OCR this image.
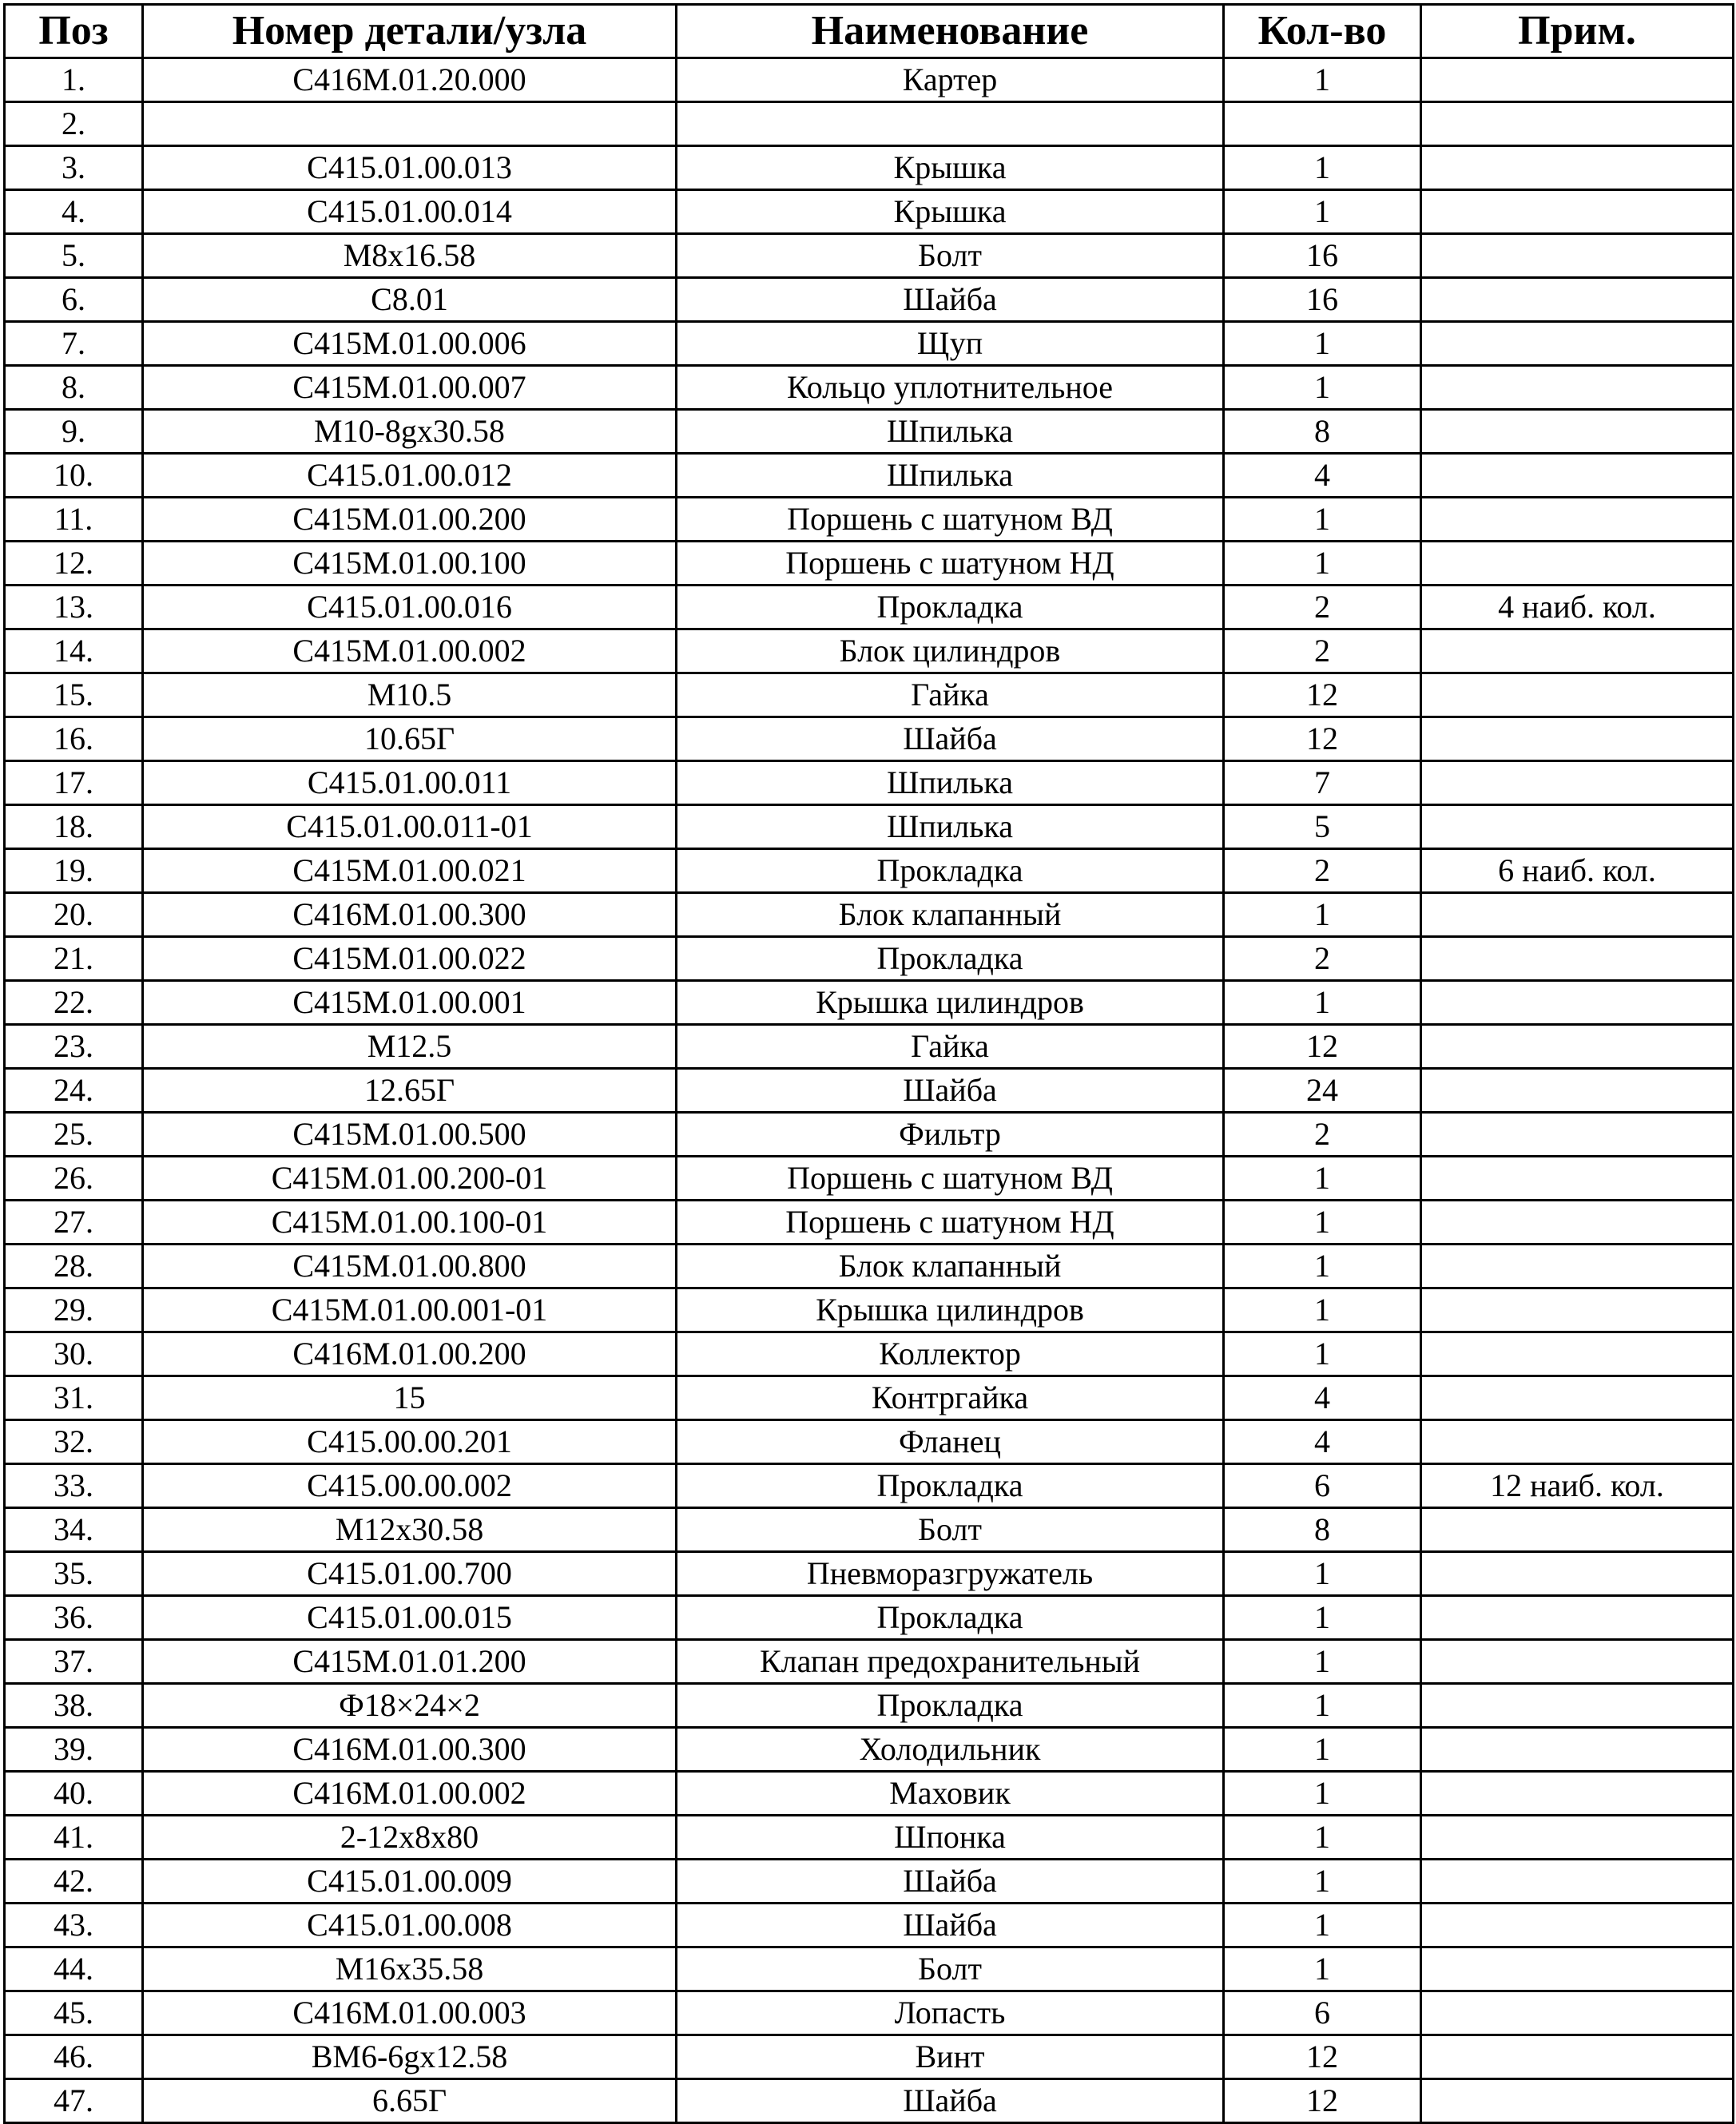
Поз	Номер детали/узла	Наименование	Кол-во	Прим.
1.	С416М.01.20.000	Картер	1	
2.				
3.	С415.01.00.013	Крышка	1	
4.	С415.01.00.014	Крышка	1	
5.	М8х16.58	Болт	16	
6.	С8.01	Шайба	16	
7.	С415М.01.00.006	Щуп	1	
8.	С415М.01.00.007	Кольцо уплотнительное	1	
9.	М10-8gх30.58	Шпилька	8	
10.	С415.01.00.012	Шпилька	4	
11.	С415М.01.00.200	Поршень с шатуном ВД	1	
12.	С415М.01.00.100	Поршень с шатуном НД	1	
13.	С415.01.00.016	Прокладка	2	4 наиб. кол.
14.	С415М.01.00.002	Блок цилиндров	2	
15.	М10.5	Гайка	12	
16.	10.65Г	Шайба	12	
17.	С415.01.00.011	Шпилька	7	
18.	С415.01.00.011-01	Шпилька	5	
19.	С415М.01.00.021	Прокладка	2	6 наиб. кол.
20.	С416М.01.00.300	Блок клапанный	1	
21.	С415М.01.00.022	Прокладка	2	
22.	С415М.01.00.001	Крышка цилиндров	1	
23.	М12.5	Гайка	12	
24.	12.65Г	Шайба	24	
25.	С415М.01.00.500	Фильтр	2	
26.	С415М.01.00.200-01	Поршень с шатуном ВД	1	
27.	С415М.01.00.100-01	Поршень с шатуном НД	1	
28.	С415М.01.00.800	Блок клапанный	1	
29.	С415М.01.00.001-01	Крышка цилиндров	1	
30.	С416М.01.00.200	Коллектор	1	
31.	15	Контргайка	4	
32.	С415.00.00.201	Фланец	4	
33.	С415.00.00.002	Прокладка	6	12 наиб. кол.
34.	М12х30.58	Болт	8	
35.	С415.01.00.700	Пневморазгружатель	1	
36.	С415.01.00.015	Прокладка	1	
37.	С415М.01.01.200	Клапан предохранительный	1	
38.	Ф18×24×2	Прокладка	1	
39.	С416М.01.00.300	Холодильник	1	
40.	С416М.01.00.002	Маховик	1	
41.	2-12х8х80	Шпонка	1	
42.	С415.01.00.009	Шайба	1	
43.	С415.01.00.008	Шайба	1	
44.	М16х35.58	Болт	1	
45.	С416М.01.00.003	Лопасть	6	
46.	ВМ6-6gх12.58	Винт	12	
47.	6.65Г	Шайба	12	
